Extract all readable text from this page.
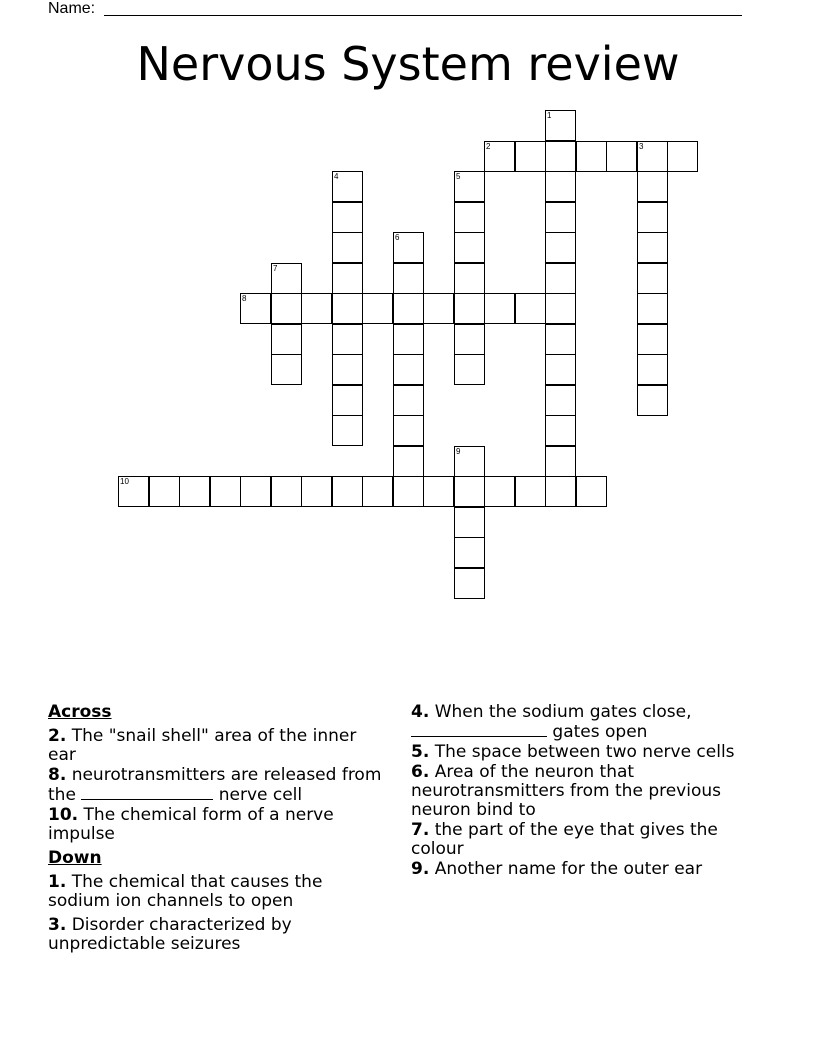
Name:
Nervous System review
1
2	3
4	5
6
7
8
9
10
Across
2. The "snail shell" area of the inner ear
8. neurotransmitters are released from the	nerve cell
10. The chemical form of a nerve impulse
Down
1. The chemical that causes the sodium ion channels to open
3. Disorder characterized by unpredictable seizures
4. When the sodium gates close,  gates open
5. The space between two nerve cells
6. Area of the neuron that neurotransmitters from the previous neuron bind to
7. the part of the eye that gives the colour
9. Another name for the outer ear
